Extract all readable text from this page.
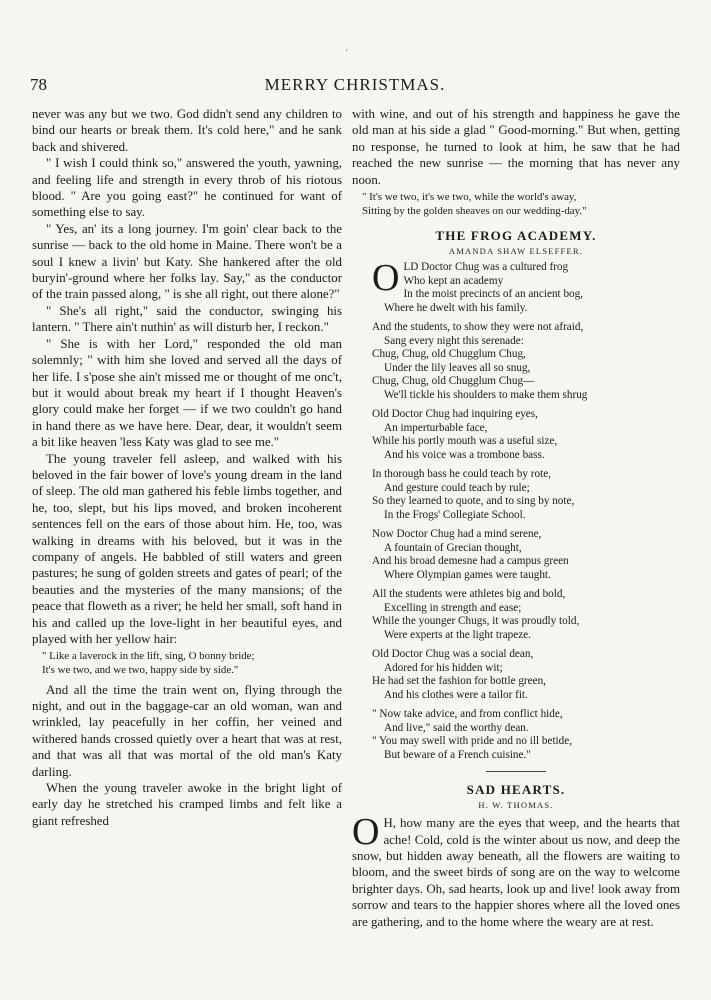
‘
78	MERRY CHRISTMAS.

never was any but we two. God didn't send any children to bind our hearts or break them. It's cold here," and he sank back and shivered.

" I wish I could think so," answered the youth, yawning, and feeling life and strength in every throb of his riotous blood. " Are you going east?" he continued for want of something else to say.

" Yes, an' its a long journey. I'm goin' clear back to the sunrise — back to the old home in Maine. There won't be a soul I knew a livin' but Katy. She hankered after the old buryin'-ground where her folks lay. Say," as the conductor of the train passed along, " is she all right, out there alone?"

" She's all right," said the conductor, swinging his lantern. " There ain't nuthin' as will disturb her, I reckon."

" She is with her Lord," responded the old man solemnly; " with him she loved and served all the days of her life. I s'pose she ain't missed me or thought of me onc't, but it would about break my heart if I thought Heaven's glory could make her forget — if we two couldn't go hand in hand there as we have here. Dear, dear, it wouldn't seem a bit like heaven 'less Katy was glad to see me."

The young traveler fell asleep, and walked with his beloved in the fair bower of love's young dream in the land of sleep. The old man gathered his feble limbs together, and he, too, slept, but his lips moved, and broken incoherent sentences fell on the ears of those about him. He, too, was walking in dreams with his beloved, but it was in the company of angels. He babbled of still waters and green pastures; he sung of golden streets and gates of pearl; of the beauties and the mysteries of the many mansions; of the peace that floweth as a river; he held her small, soft hand in his and called up the love-light in her beautiful eyes, and played with her yellow hair:

" Like a laverock in the lift, sing, O bonny bride;
It's we two, and we two, happy side by side."

And all the time the train went on, flying through the night, and out in the baggage-car an old woman, wan and wrinkled, lay peacefully in her coffin, her veined and withered hands crossed quietly over a heart that was at rest, and that was all that was mortal of the old man's Katy darling.

When the young traveler awoke in the bright light of early day he stretched his cramped limbs and felt like a giant refreshed

with wine, and out of his strength and happiness he gave the old man at his side a glad " Good-morning." But when, getting no response, he turned to look at him, he saw that he had reached the new sunrise — the morning that has never any noon.

" It's we two, it's we two, while the world's away,
Sitting by the golden sheaves on our wedding-day."
THE FROG ACADEMY.
AMANDA SHAW ELSEFFER.
OLD Doctor Chug was a cultured frog
Who kept an academy
In the moist precincts of an ancient bog,
Where he dwelt with his family.
And the students, to show they were not afraid,
Sang every night this serenade:
Chug, Chug, old Chugglum Chug,
Under the lily leaves all so snug,
Chug, Chug, old Chugglum Chug—
We'll tickle his shoulders to make them shrug
Old Doctor Chug had inquiring eyes,
An imperturbable face,
While his portly mouth was a useful size,
And his voice was a trombone bass.
In thorough bass he could teach by rote,
And gesture could teach by rule;
So they learned to quote, and to sing by note,
In the Frogs' Collegiate School.
Now Doctor Chug had a mind serene,
A fountain of Grecian thought,
And his broad demesne had a campus green
Where Olympian games were taught.
All the students were athletes big and bold,
Excelling in strength and ease;
While the younger Chugs, it was proudly told,
Were experts at the light trapeze.
Old Doctor Chug was a social dean,
Adored for his hidden wit;
He had set the fashion for bottle green,
And his clothes were a tailor fit.
" Now take advice, and from conflict hide,
And live," said the worthy dean.
" You may swell with pride and no ill betide,
But beware of a French cuisine."
SAD HEARTS.
H. W. THOMAS.

O H, how many are the eyes that weep, and the hearts that ache! Cold, cold is the winter about us now, and deep the snow, but hidden away beneath, all the flowers are waiting to bloom, and the sweet birds of song are on the way to welcome brighter days. Oh, sad hearts, look up and live! look away from sorrow and tears to the happier shores where all the loved ones are gathering, and to the home where the weary are at rest.
